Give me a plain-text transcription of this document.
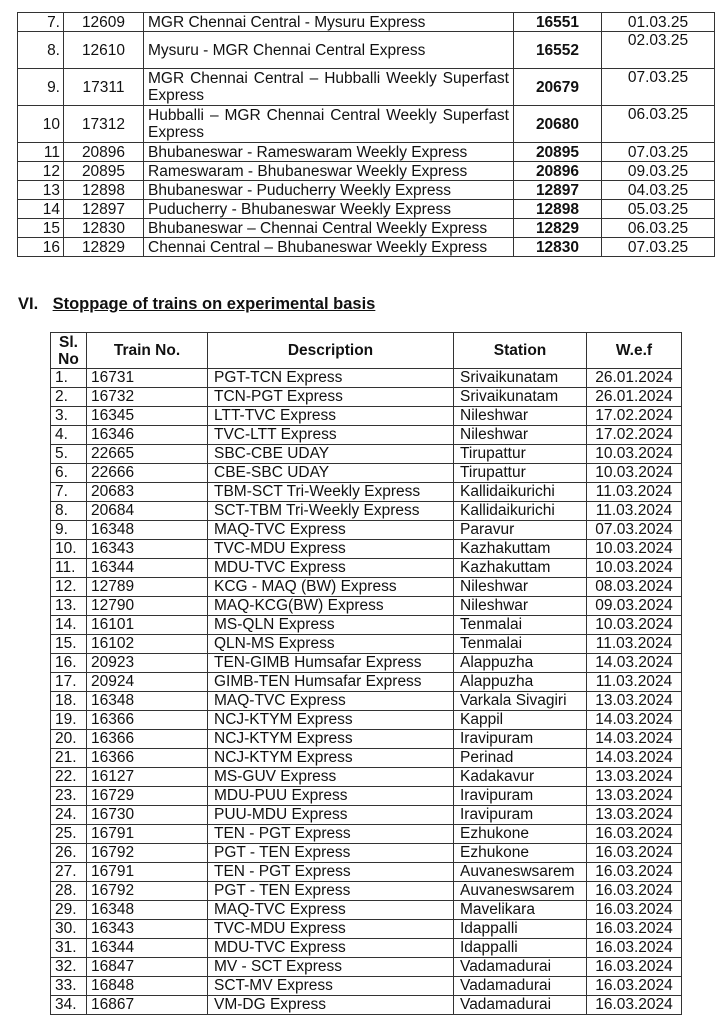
7.	12609	MGR Chennai Central - Mysuru Express	16551	01.03.25
8.	12610	Mysuru - MGR Chennai Central Express	16552	02.03.25
9.	17311	MGR Chennai Central – Hubballi Weekly Superfast Express	20679	07.03.25
10	17312	Hubballi – MGR Chennai Central Weekly Superfast Express	20680	06.03.25
11	20896	Bhubaneswar - Rameswaram Weekly Express	20895	07.03.25
12	20895	Rameswaram - Bhubaneswar Weekly Express	20896	09.03.25
13	12898	Bhubaneswar - Puducherry Weekly Express	12897	04.03.25
14	12897	Puducherry - Bhubaneswar Weekly Express	12898	05.03.25
15	12830	Bhubaneswar – Chennai Central Weekly Express	12829	06.03.25
16	12829	Chennai Central – Bhubaneswar Weekly Express	12830	07.03.25
VI. Stoppage of trains on experimental basis
Sl.
No	Train No.	Description	Station	W.e.f
1.	16731	PGT-TCN Express	Srivaikunatam	26.01.2024
2.	16732	TCN-PGT Express	Srivaikunatam	26.01.2024
3.	16345	LTT-TVC Express	Nileshwar	17.02.2024
4.	16346	TVC-LTT Express	Nileshwar	17.02.2024
5.	22665	SBC-CBE UDAY	Tirupattur	10.03.2024
6.	22666	CBE-SBC UDAY	Tirupattur	10.03.2024
7.	20683	TBM-SCT Tri-Weekly Express	Kallidaikurichi	11.03.2024
8.	20684	SCT-TBM Tri-Weekly Express	Kallidaikurichi	11.03.2024
9.	16348	MAQ-TVC Express	Paravur	07.03.2024
10.	16343	TVC-MDU Express	Kazhakuttam	10.03.2024
11.	16344	MDU-TVC Express	Kazhakuttam	10.03.2024
12.	12789	KCG - MAQ (BW) Express	Nileshwar	08.03.2024
13.	12790	MAQ-KCG(BW) Express	Nileshwar	09.03.2024
14.	16101	MS-QLN Express	Tenmalai	10.03.2024
15.	16102	QLN-MS Express	Tenmalai	11.03.2024
16.	20923	TEN-GIMB Humsafar Express	Alappuzha	14.03.2024
17.	20924	GIMB-TEN Humsafar Express	Alappuzha	11.03.2024
18.	16348	MAQ-TVC Express	Varkala Sivagiri	13.03.2024
19.	16366	NCJ-KTYM Express	Kappil	14.03.2024
20.	16366	NCJ-KTYM Express	Iravipuram	14.03.2024
21.	16366	NCJ-KTYM Express	Perinad	14.03.2024
22.	16127	MS-GUV Express	Kadakavur	13.03.2024
23.	16729	MDU-PUU Express	Iravipuram	13.03.2024
24.	16730	PUU-MDU Express	Iravipuram	13.03.2024
25.	16791	TEN - PGT Express	Ezhukone	16.03.2024
26.	16792	PGT - TEN Express	Ezhukone	16.03.2024
27.	16791	TEN - PGT Express	Auvaneswsarem	16.03.2024
28.	16792	PGT - TEN Express	Auvaneswsarem	16.03.2024
29.	16348	MAQ-TVC Express	Mavelikara	16.03.2024
30.	16343	TVC-MDU Express	Idappalli	16.03.2024
31.	16344	MDU-TVC Express	Idappalli	16.03.2024
32.	16847	MV - SCT Express	Vadamadurai	16.03.2024
33.	16848	SCT-MV Express	Vadamadurai	16.03.2024
34.	16867	VM-DG Express	Vadamadurai	16.03.2024
